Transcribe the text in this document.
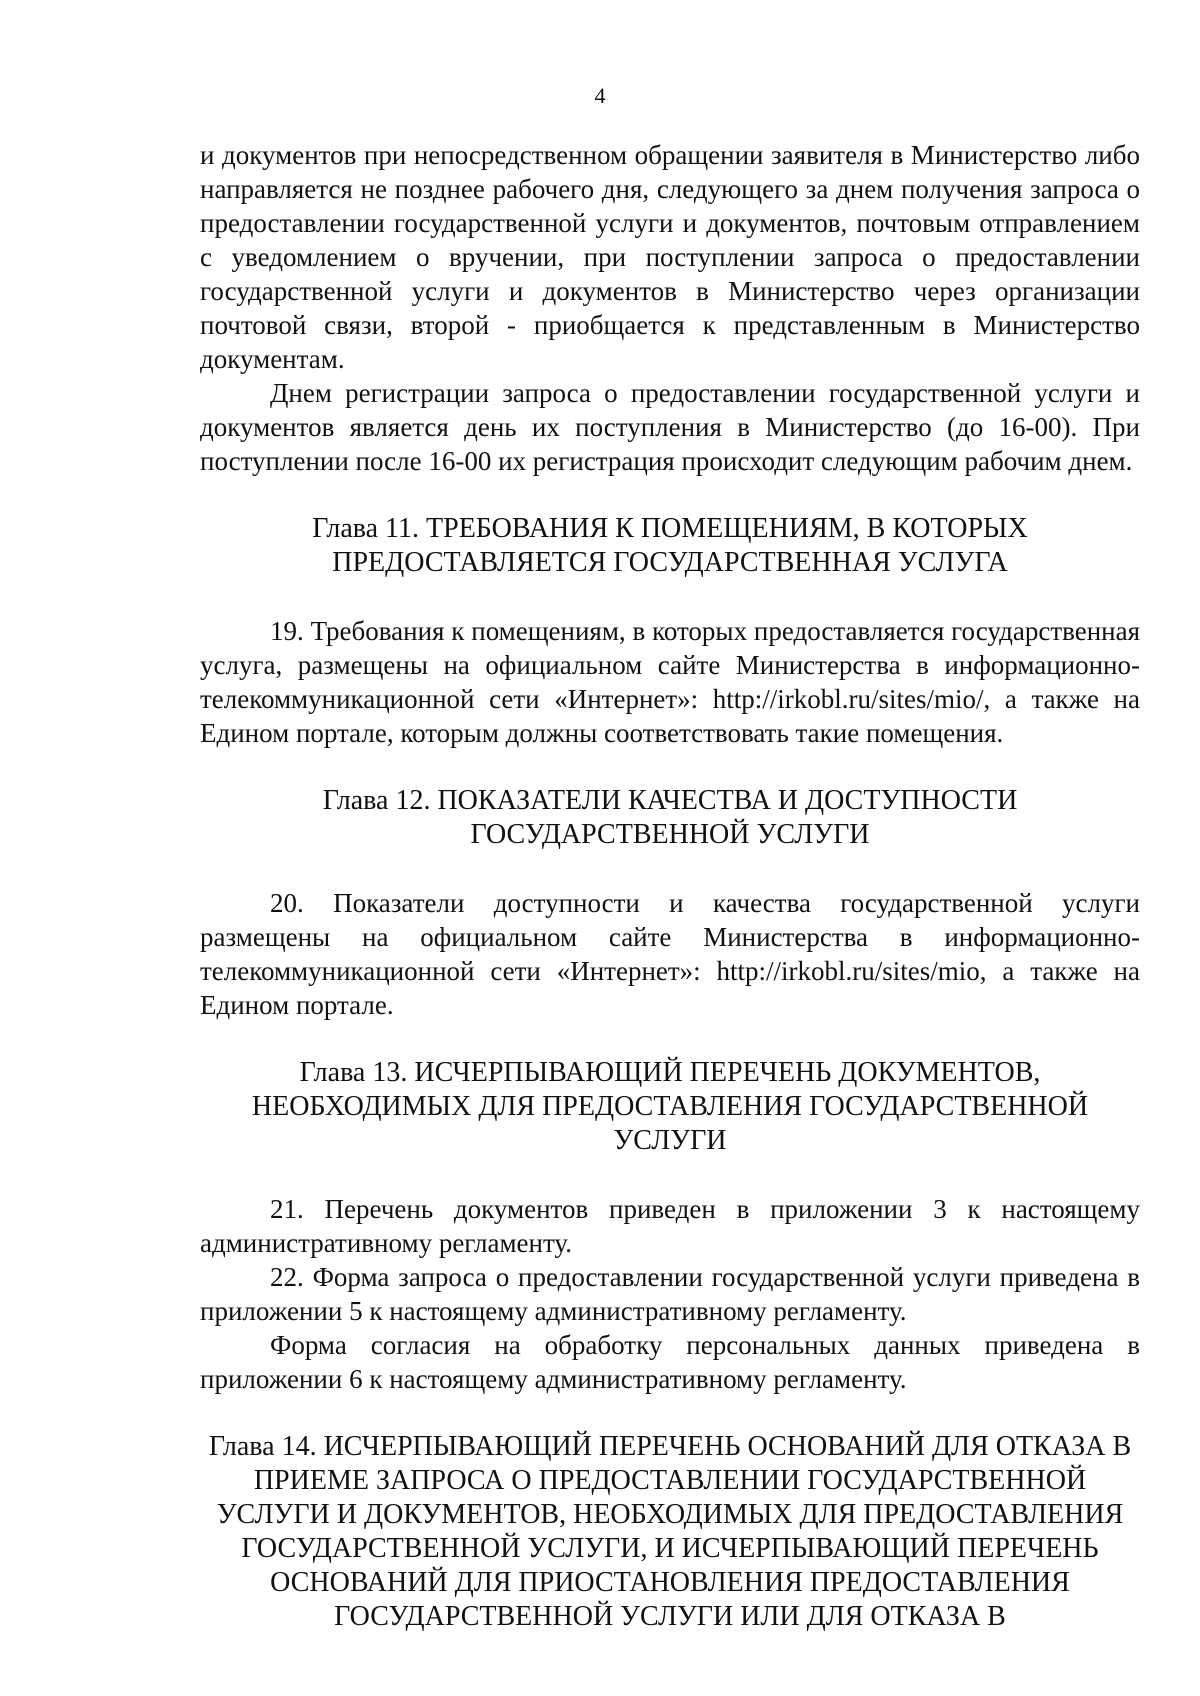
4

и документов при непосредственном обращении заявителя в Министерство либо направляется не позднее рабочего дня, следующего за днем получения запроса о предоставлении государственной услуги и документов, почтовым отправлением с уведомлением о вручении, при поступлении запроса о предоставлении государственной услуги и документов в Министерство через организации почтовой связи, второй - приобщается к представленным в Министерство документам.

Днем регистрации запроса о предоставлении государственной услуги и документов является день их поступления в Министерство (до 16-00). При поступлении после 16-00 их регистрация происходит следующим рабочим днем.

Глава 11. ТРЕБОВАНИЯ К ПОМЕЩЕНИЯМ, В КОТОРЫХ ПРЕДОСТАВЛЯЕТСЯ ГОСУДАРСТВЕННАЯ УСЛУГА

19. Требования к помещениям, в которых предоставляется государственная услуга, размещены на официальном сайте Министерства в информационно-телекоммуникационной сети «Интернет»: http://irkobl.ru/sites/mio/, а также на Едином портале, которым должны соответствовать такие помещения.

Глава 12. ПОКАЗАТЕЛИ КАЧЕСТВА И ДОСТУПНОСТИ ГОСУДАРСТВЕННОЙ УСЛУГИ

20. Показатели доступности и качества государственной услуги размещены на официальном сайте Министерства в информационно-телекоммуникационной сети «Интернет»: http://irkobl.ru/sites/mio, а также на Едином портале.

Глава 13. ИСЧЕРПЫВАЮЩИЙ ПЕРЕЧЕНЬ ДОКУМЕНТОВ, НЕОБХОДИМЫХ ДЛЯ ПРЕДОСТАВЛЕНИЯ ГОСУДАРСТВЕННОЙ УСЛУГИ

21. Перечень документов приведен в приложении 3 к настоящему административному регламенту.

22. Форма запроса о предоставлении государственной услуги приведена в приложении 5 к настоящему административному регламенту.

Форма согласия на обработку персональных данных приведена в приложении 6 к настоящему административному регламенту.

Глава 14. ИСЧЕРПЫВАЮЩИЙ ПЕРЕЧЕНЬ ОСНОВАНИЙ ДЛЯ ОТКАЗА В ПРИЕМЕ ЗАПРОСА О ПРЕДОСТАВЛЕНИИ ГОСУДАРСТВЕННОЙ УСЛУГИ И ДОКУМЕНТОВ, НЕОБХОДИМЫХ ДЛЯ ПРЕДОСТАВЛЕНИЯ ГОСУДАРСТВЕННОЙ УСЛУГИ, И ИСЧЕРПЫВАЮЩИЙ ПЕРЕЧЕНЬ ОСНОВАНИЙ ДЛЯ ПРИОСТАНОВЛЕНИЯ ПРЕДОСТАВЛЕНИЯ ГОСУДАРСТВЕННОЙ УСЛУГИ ИЛИ ДЛЯ ОТКАЗА В
